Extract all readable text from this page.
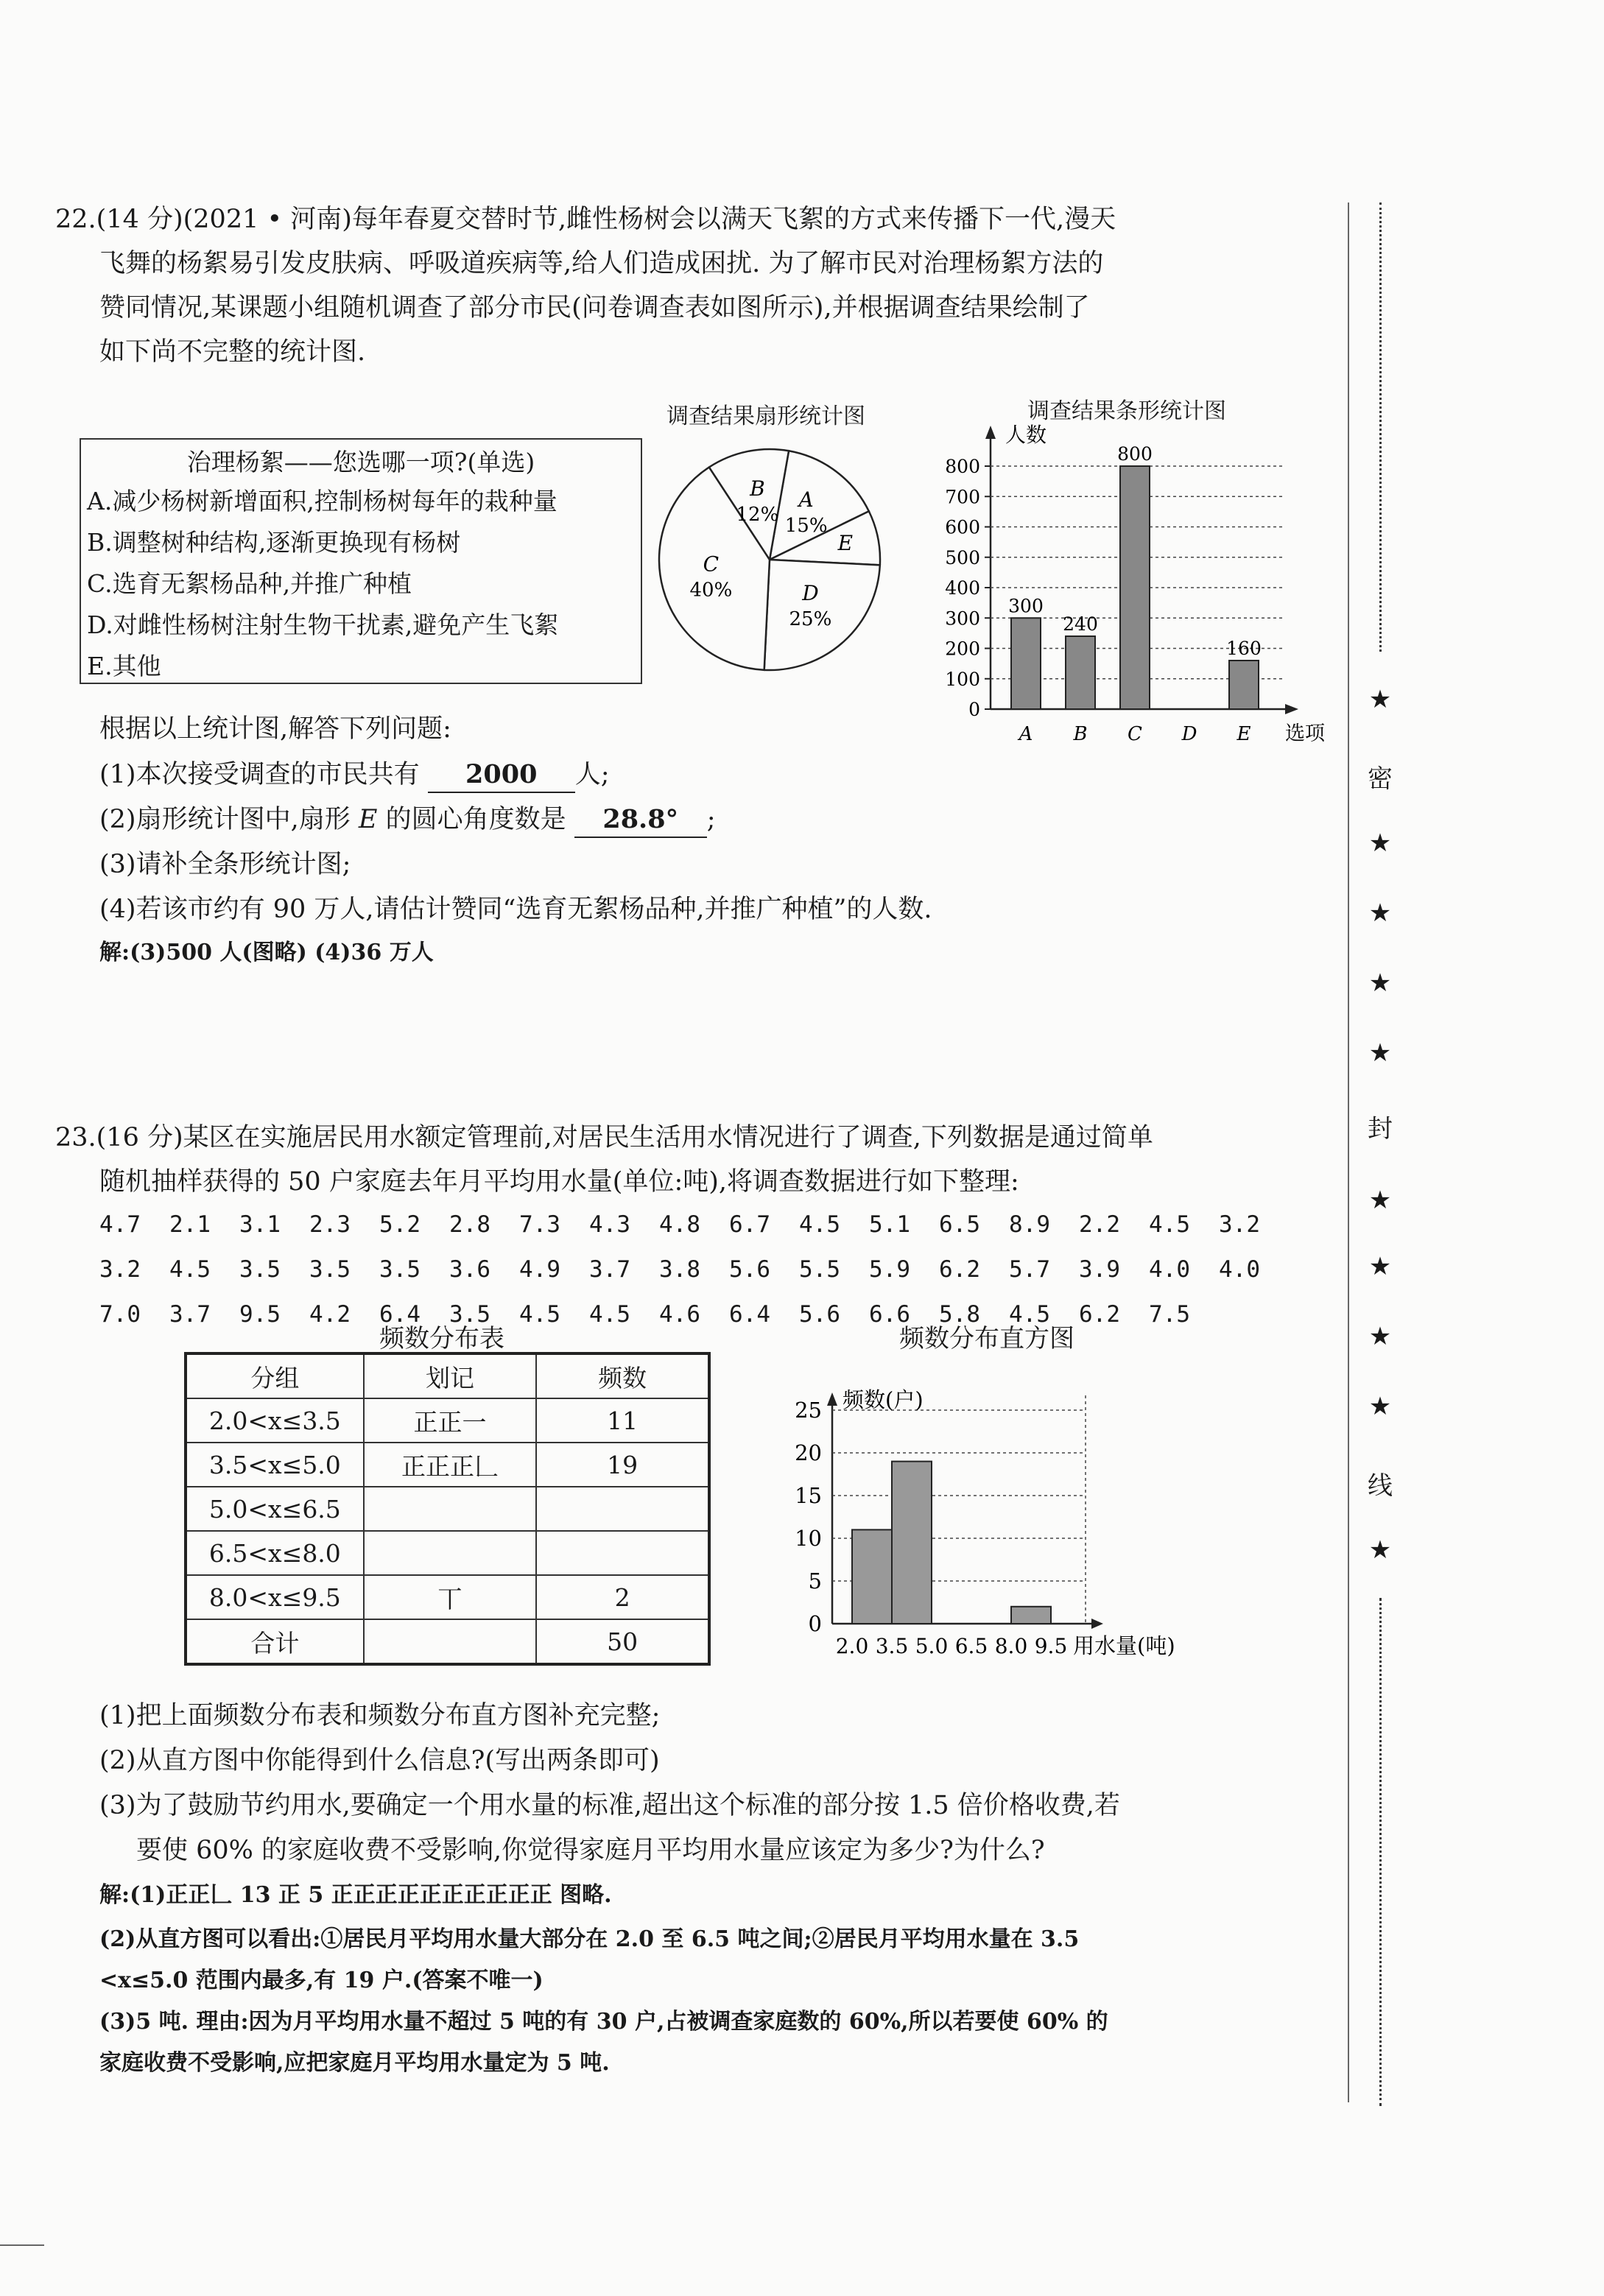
22.(14 分)(2021 • 河南)每年春夏交替时节,雌性杨树会以满天飞絮的方式来传播下一代,漫天
飞舞的杨絮易引发皮肤病、呼吸道疾病等,给人们造成困扰. 为了解市民对治理杨絮方法的
赞同情况,某课题小组随机调查了部分市民(问卷调查表如图所示),并根据调查结果绘制了
如下尚不完整的统计图.
治理杨絮——您选哪一项?(单选)
A.减少杨树新增面积,控制杨树每年的栽种量
B.调整树种结构,逐渐更换现有杨树
C.选育无絮杨品种,并推广种植
D.对雌性杨树注射生物干扰素,避免产生飞絮
E.其他
调查结果扇形统计图
A
15%
E
D
25%
C
40%
B
12%
调查结果条形统计图
0
100
200
300
400
500
600
700
800
人数
选项
300
A
240
B
800
C D
160
E
根据以上统计图,解答下列问题:
(1)本次接受调查的市民共有 2000 人;
(2)扇形统计图中,扇形 E 的圆心角度数是 28.8° ;
(3)请补全条形统计图;
(4)若该市约有 90 万人,请估计赞同“选育无絮杨品种,并推广种植”的人数.
解:(3)500 人(图略) (4)36 万人
23.(16 分)某区在实施居民用水额定管理前,对居民生活用水情况进行了调查,下列数据是通过简单
随机抽样获得的 50 户家庭去年月平均用水量(单位:吨),将调查数据进行如下整理:
4.7 2.1 3.1 2.3 5.2 2.8 7.3 4.3 4.8 6.7 4.5 5.1 6.5 8.9 2.2 4.5 3.2
3.2 4.5 3.5 3.5 3.5 3.6 4.9 3.7 3.8 5.6 5.5 5.9 6.2 5.7 3.9 4.0 4.0
7.0 3.7 9.5 4.2 6.4 3.5 4.5 4.5 4.6 6.4 5.6 6.6 5.8 4.5 6.2 7.5
频数分布表
分组	划记	频数
2.0<x≤3.5	正正一	11
3.5<x≤5.0	正正正𠃊	19
5.0<x≤6.5		
6.5<x≤8.0		
8.0<x≤9.5	丅	2
合计		50
频数分布直方图
0
5
10
15
20
25 频数(户)
2.0 3.5 5.0 6.5 8.0 9.5 用水量(吨)
(1)把上面频数分布表和频数分布直方图补充完整;
(2)从直方图中你能得到什么信息?(写出两条即可)
(3)为了鼓励节约用水,要确定一个用水量的标准,超出这个标准的部分按 1.5 倍价格收费,若
要使 60% 的家庭收费不受影响,你觉得家庭月平均用水量应该定为多少?为什么?
解:(1)正正𠃊 13 正 5 正正正正正正正正正正 图略.
(2)从直方图可以看出:①居民月平均用水量大部分在 2.0 至 6.5 吨之间;②居民月平均用水量在 3.5
<x≤5.0 范围内最多,有 19 户.(答案不唯一)
(3)5 吨. 理由:因为月平均用水量不超过 5 吨的有 30 户,占被调查家庭数的 60%,所以若要使 60% 的
家庭收费不受影响,应把家庭月平均用水量定为 5 吨.
★
密
★
★
★
★
封
★
★
★
★
线
★
